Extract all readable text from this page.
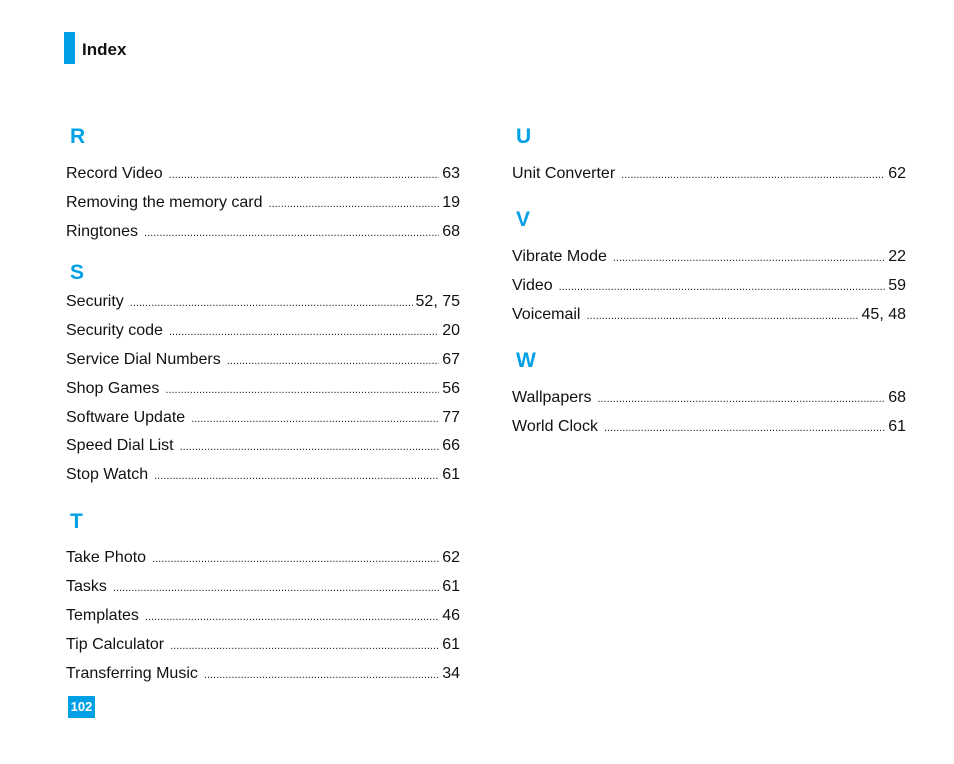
Index
R
Record Video .....	63
Removing the memory card .....	19
Ringtones .....	68
S
Security .....	52, 75
Security code .....	20
Service Dial Numbers .....	67
Shop Games .....	56
Software Update .....	77
Speed Dial List .....	66
Stop Watch .....	61
T
Take Photo .....	62
Tasks .....	61
Templates .....	46
Tip Calculator .....	61
Transferring Music .....	34
U
Unit Converter .....	62
V
Vibrate Mode .....	22
Video .....	59
Voicemail .....	45, 48
W
Wallpapers .....	68
World Clock .....	61
102
